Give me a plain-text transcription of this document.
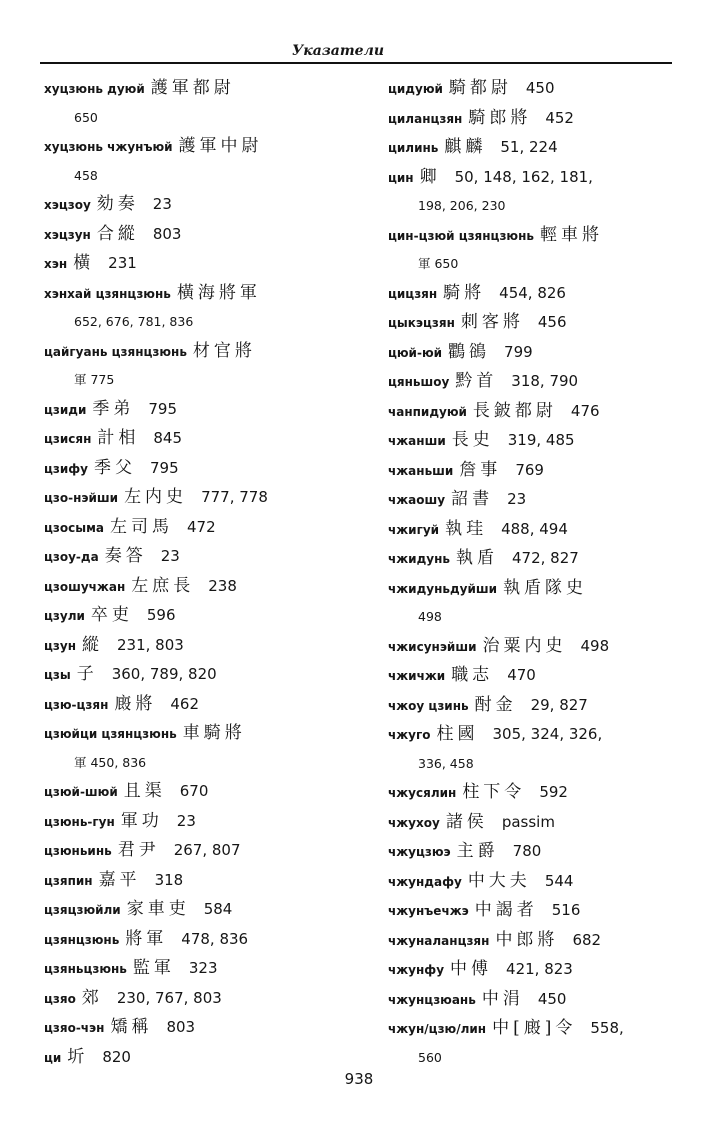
Указатели
хуцзюнь дуюй 護軍都尉
650
хуцзюнь чжунъюй 護軍中尉
458
хэцзоу 劾奏 23
хэцзун 合縱 803
хэн 橫 231
хэнхай цзянцзюнь 橫海將軍
652, 676, 781, 836
цайгуань цзянцзюнь 材官將
軍 775
цзиди 季弟 795
цзисян 計相 845
цзифу 季父 795
цзо-нэйши 左内史 777, 778
цзосыма 左司馬 472
цзоу-да 奏答 23
цзошучжан 左庶長 238
цзули 卒吏 596
цзун 縱 231, 803
цзы 子 360, 789, 820
цзю-цзян 廄將 462
цзюйци цзянцзюнь 車騎將
軍 450, 836
цзюй-шюй 且渠 670
цзюнь-гун 軍功 23
цзюньинь 君尹 267, 807
цзяпин 嘉平 318
цзяцзюйли 家車吏 584
цзянцзюнь 將軍 478, 836
цзяньцзюнь 監軍 323
цзяо 郊 230, 767, 803
цзяо-чэн 矯稱 803
ци 圻 820
цидуюй 騎都尉 450
циланцзян 騎郎將 452
цилинь 麒麟 51, 224
цин 卿 50, 148, 162, 181,
198, 206, 230
цин-цзюй цзянцзюнь 輕車將
軍 650
цицзян 騎將 454, 826
цыкэцзян 刺客將 456
цюй-юй 鸜鵒 799
цяньшоу 黔首 318, 790
чанпидуюй 長鈹都尉 476
чжанши 長史 319, 485
чжаньши 詹事 769
чжаошу 詔書 23
чжигуй 執珪 488, 494
чжидунь 執盾 472, 827
чжидуньдуйши 執盾隊史
498
чжисунэйши 治粟内史 498
чжичжи 職志 470
чжоу цзинь 酎金 29, 827
чжуго 柱國 305, 324, 326,
336, 458
чжусялин 柱下令 592
чжухоу 諸侯 passim
чжуцзюэ 主爵 780
чжундафу 中大夫 544
чжунъечжэ 中謁者 516
чжуналанцзян 中郎將 682
чжунфу 中傅 421, 823
чжунцзюань 中涓 450
чжун/цзю/лин 中[廄]令 558,
560
938
